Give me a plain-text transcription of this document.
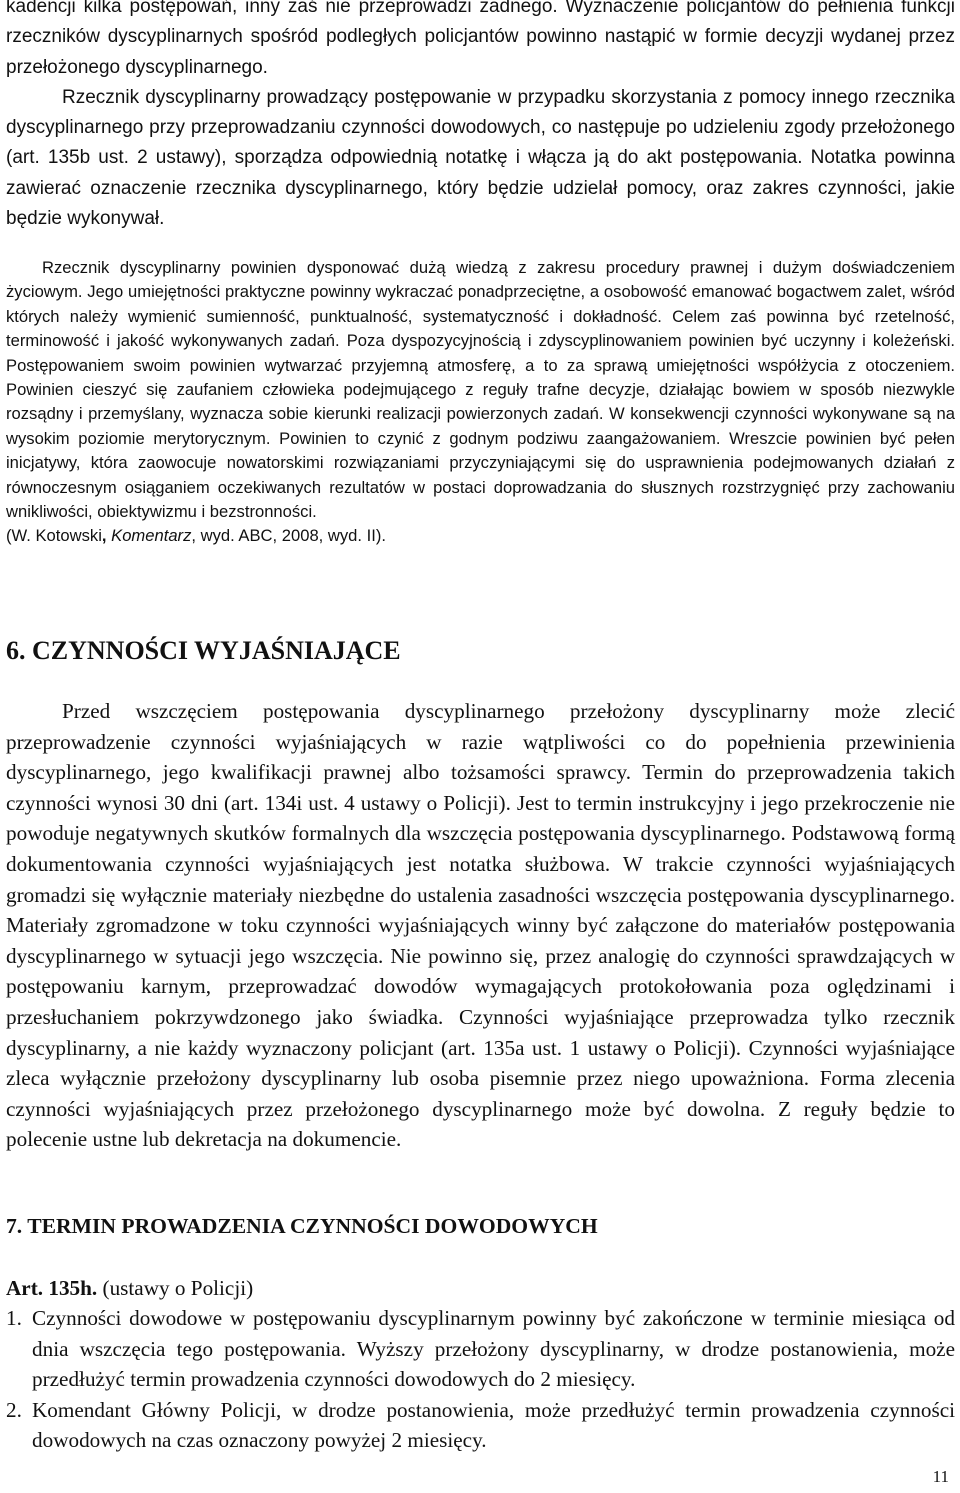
kadencji kilka postępowań, inny zaś nie przeprowadzi żadnego. Wyznaczenie policjantów do pełnienia funkcji rzeczników dyscyplinarnych spośród podległych policjantów powinno nastąpić w formie decyzji wydanej przez przełożonego dyscyplinarnego.

Rzecznik dyscyplinarny prowadzący postępowanie w przypadku skorzystania z pomocy innego rzecznika dyscyplinarnego przy przeprowadzaniu czynności dowodowych, co następuje po udzieleniu zgody przełożonego (art. 135b ust. 2 ustawy), sporządza odpowiednią notatkę i włącza ją do akt postępowania. Notatka powinna zawierać oznaczenie rzecznika dyscyplinarnego, który będzie udzielał pomocy, oraz zakres czynności, jakie będzie wykonywał.

Rzecznik dyscyplinarny powinien dysponować dużą wiedzą z zakresu procedury prawnej i dużym doświadczeniem życiowym. Jego umiejętności praktyczne powinny wykraczać ponadprzeciętne, a osobowość emanować bogactwem zalet, wśród których należy wymienić sumienność, punktualność, systematyczność i dokładność. Celem zaś powinna być rzetelność, terminowość i jakość wykonywanych zadań. Poza dyspozycyjnością i zdyscyplinowaniem powinien być uczynny i koleżeński. Postępowaniem swoim powinien wytwarzać przyjemną atmosferę, a to za sprawą umiejętności współżycia z otoczeniem. Powinien cieszyć się zaufaniem człowieka podejmującego z reguły trafne decyzje, działając bowiem w sposób niezwykle rozsądny i przemyślany, wyznacza sobie kierunki realizacji powierzonych zadań. W konsekwencji czynności wykonywane są na wysokim poziomie merytorycznym. Powinien to czynić z godnym podziwu zaangażowaniem. Wreszcie powinien być pełen inicjatywy, która zaowocuje nowatorskimi rozwiązaniami przyczyniającymi się do usprawnienia podejmowanych działań z równoczesnym osiąganiem oczekiwanych rezultatów w postaci doprowadzania do słusznych rozstrzygnięć przy zachowaniu wnikliwości, obiektywizmu i bezstronności.

(W. Kotowski, Komentarz, wyd. ABC, 2008, wyd. II).

6. CZYNNOŚCI WYJAŚNIAJĄCE

Przed wszczęciem postępowania dyscyplinarnego przełożony dyscyplinarny może zlecić przeprowadzenie czynności wyjaśniających w razie wątpliwości co do popełnienia przewinienia dyscyplinarnego, jego kwalifikacji prawnej albo tożsamości sprawcy. Termin do przeprowadzenia takich czynności wynosi 30 dni (art. 134i ust. 4 ustawy o Policji). Jest to termin instrukcyjny i jego przekroczenie nie powoduje negatywnych skutków formalnych dla wszczęcia postępowania dyscyplinarnego. Podstawową formą dokumentowania czynności wyjaśniających jest notatka służbowa. W trakcie czynności wyjaśniających gromadzi się wyłącznie materiały niezbędne do ustalenia zasadności wszczęcia postępowania dyscyplinarnego. Materiały zgromadzone w toku czynności wyjaśniających winny być załączone do materiałów postępowania dyscyplinarnego w sytuacji jego wszczęcia. Nie powinno się, przez analogię do czynności sprawdzających w postępowaniu karnym, przeprowadzać dowodów wymagających protokołowania poza oględzinami i przesłuchaniem pokrzywdzonego jako świadka. Czynności wyjaśniające przeprowadza tylko rzecznik dyscyplinarny, a nie każdy wyznaczony policjant (art. 135a ust. 1 ustawy o Policji). Czynności wyjaśniające zleca wyłącznie przełożony dyscyplinarny lub osoba pisemnie przez niego upoważniona. Forma zlecenia czynności wyjaśniających przez przełożonego dyscyplinarnego może być dowolna. Z reguły będzie to polecenie ustne lub dekretacja na dokumencie.

7. TERMIN PROWADZENIA CZYNNOŚCI DOWODOWYCH
Art. 135h. (ustawy o Policji)
1. Czynności dowodowe w postępowaniu dyscyplinarnym powinny być zakończone w terminie miesiąca od dnia wszczęcia tego postępowania. Wyższy przełożony dyscyplinarny, w drodze postanowienia, może przedłużyć termin prowadzenia czynności dowodowych do 2 miesięcy.
2. Komendant Główny Policji, w drodze postanowienia, może przedłużyć termin prowadzenia czynności dowodowych na czas oznaczony powyżej 2 miesięcy.
11
